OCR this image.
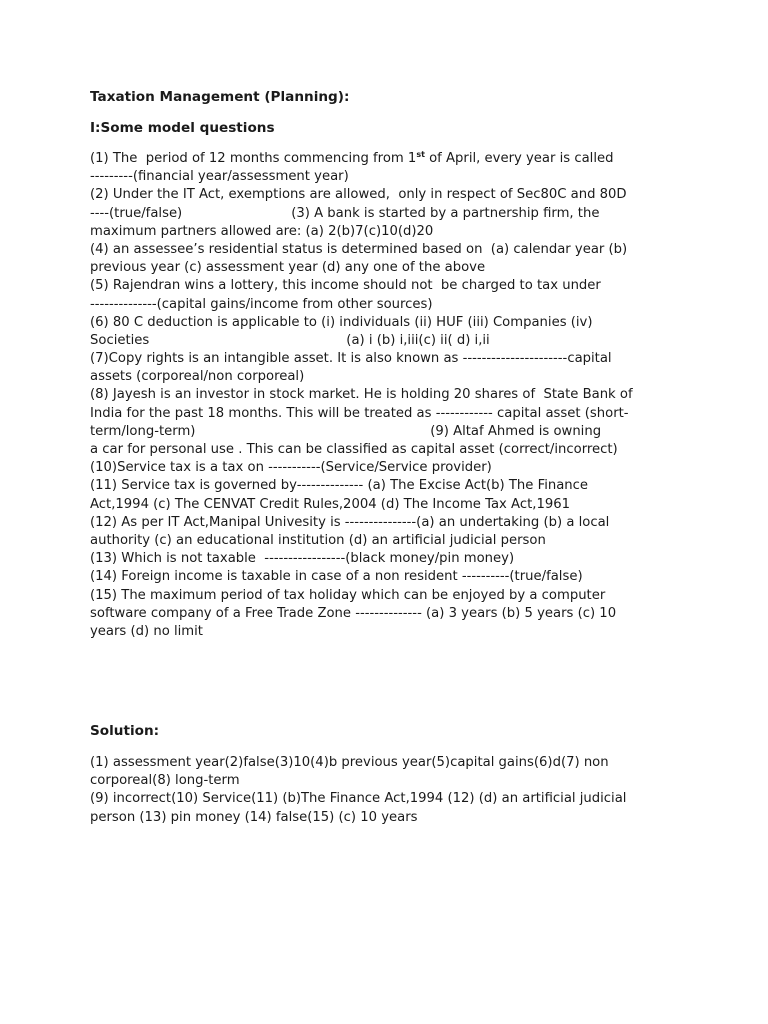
Taxation Management (Planning):
I:Some model questions
(1) The  period of 12 months commencing from 1st of April, every year is called
---------(financial year/assessment year)
(2) Under the IT Act, exemptions are allowed,  only in respect of Sec80C and 80D
----(true/false)                          (3) A bank is started by a partnership firm, the
maximum partners allowed are: (a) 2(b)7(c)10(d)20
(4) an assessee’s residential status is determined based on  (a) calendar year (b)
previous year (c) assessment year (d) any one of the above
(5) Rajendran wins a lottery, this income should not  be charged to tax under
--------------(capital gains/income from other sources)
(6) 80 C deduction is applicable to (i) individuals (ii) HUF (iii) Companies (iv)
Societies                                               (a) i (b) i,iii(c) ii( d) i,ii
(7)Copy rights is an intangible asset. It is also known as ----------------------capital
assets (corporeal/non corporeal)
(8) Jayesh is an investor in stock market. He is holding 20 shares of  State Bank of
India for the past 18 months. This will be treated as ------------ capital asset (short-
term/long-term)                                                        (9) Altaf Ahmed is owning
a car for personal use . This can be classified as capital asset (correct/incorrect)
(10)Service tax is a tax on -----------(Service/Service provider)
(11) Service tax is governed by-------------- (a) The Excise Act(b) The Finance
Act,1994 (c) The CENVAT Credit Rules,2004 (d) The Income Tax Act,1961
(12) As per IT Act,Manipal Univesity is ---------------(a) an undertaking (b) a local
authority (c) an educational institution (d) an artificial judicial person
(13) Which is not taxable  -----------------(black money/pin money)
(14) Foreign income is taxable in case of a non resident ----------(true/false)
(15) The maximum period of tax holiday which can be enjoyed by a computer
software company of a Free Trade Zone -------------- (a) 3 years (b) 5 years (c) 10
years (d) no limit
Solution:
(1) assessment year(2)false(3)10(4)b previous year(5)capital gains(6)d(7) non
corporeal(8) long-term
(9) incorrect(10) Service(11) (b)The Finance Act,1994 (12) (d) an artificial judicial
person (13) pin money (14) false(15) (c) 10 years
